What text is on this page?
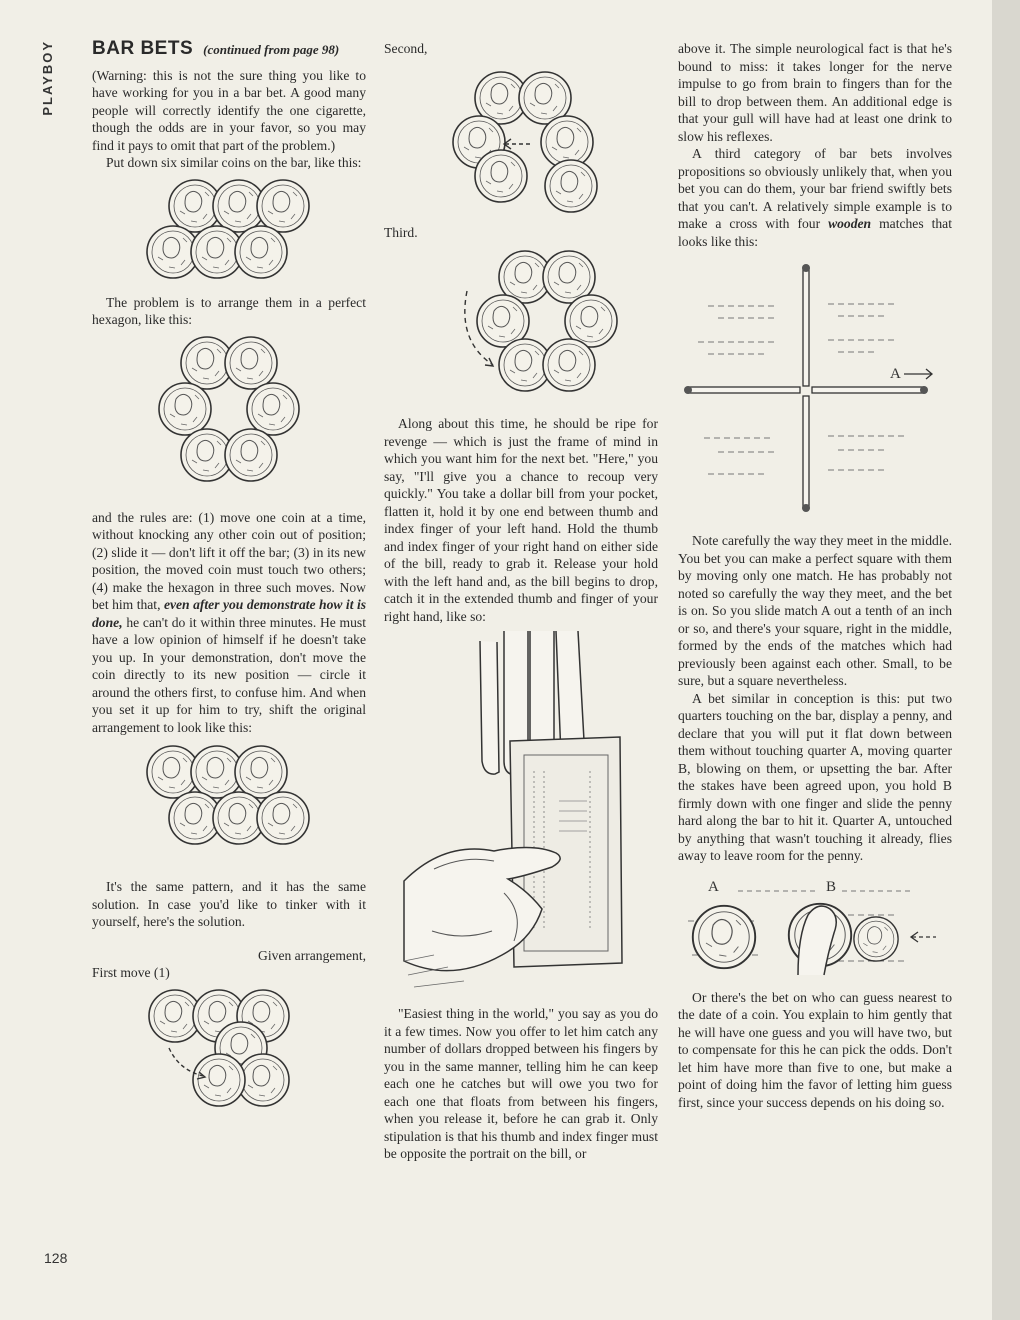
PLAYBOY
128
BAR BETS (continued from page 98)

(Warning: this is not the sure thing you like to have working for you in a bar bet. A good many people will correctly identify the one cigarette, though the odds are in your favor, so you may find it pays to omit that part of the problem.)

Put down six similar coins on the bar, like this:

The problem is to arrange them in a perfect hexagon, like this:

and the rules are: (1) move one coin at a time, without knocking any other coin out of position; (2) slide it — don't lift it off the bar; (3) in its new position, the moved coin must touch two others; (4) make the hexagon in three such moves. Now bet him that, even after you demonstrate how it is done, he can't do it within three minutes. He must have a low opinion of himself if he doesn't take you up. In your demonstration, don't move the coin directly to its new position — circle it around the others first, to confuse him. And when you set it up for him to try, shift the original arrangement to look like this:

It's the same pattern, and it has the same solution. In case you'd like to tinker with it yourself, here's the solution.

Given arrangement,

First move (1)

Second,

Third.

Along about this time, he should be ripe for revenge — which is just the frame of mind in which you want him for the next bet. "Here," you say, "I'll give you a chance to recoup very quickly." You take a dollar bill from your pocket, flatten it, hold it by one end between thumb and index finger of your left hand. Hold the thumb and index finger of your right hand on either side of the bill, ready to grab it. Release your hold with the left hand and, as the bill begins to drop, catch it in the extended thumb and finger of your right hand, like so:

"Easiest thing in the world," you say as you do it a few times. Now you offer to let him catch any number of dollars dropped between his fingers by you in the same manner, telling him he can keep each one he catches but will owe you two for each one that floats from between his fingers, when you release it, before he can grab it. Only stipulation is that his thumb and index finger must be opposite the portrait on the bill, or

above it. The simple neurological fact is that he's bound to miss: it takes longer for the nerve impulse to go from brain to fingers than for the bill to drop between them. An additional edge is that your gull will have had at least one drink to slow his reflexes.

A third category of bar bets involves propositions so obviously unlikely that, when you bet you can do them, your bar friend swiftly bets that you can't. A relatively simple example is to make a cross with four wooden matches that looks like this:

A

Note carefully the way they meet in the middle. You bet you can make a perfect square with them by moving only one match. He has probably not noted so carefully the way they meet, and the bet is on. So you slide match A out a tenth of an inch or so, and there's your square, right in the middle, formed by the ends of the matches which had previously been against each other. Small, to be sure, but a square nevertheless.

A bet similar in conception is this: put two quarters touching on the bar, display a penny, and declare that you will put it flat down between them without touching quarter A, moving quarter B, blowing on them, or upsetting the bar. After the stakes have been agreed upon, you hold B firmly down with one finger and slide the penny hard along the bar to hit it. Quarter A, untouched by anything that wasn't touching it already, flies away to leave room for the penny.

A	B

Or there's the bet on who can guess nearest to the date of a coin. You explain to him gently that he will have one guess and you will have two, but to compensate for this he can pick the odds. Don't let him have more than five to one, but make a point of doing him the favor of letting him guess first, since your success depends on his doing so.
